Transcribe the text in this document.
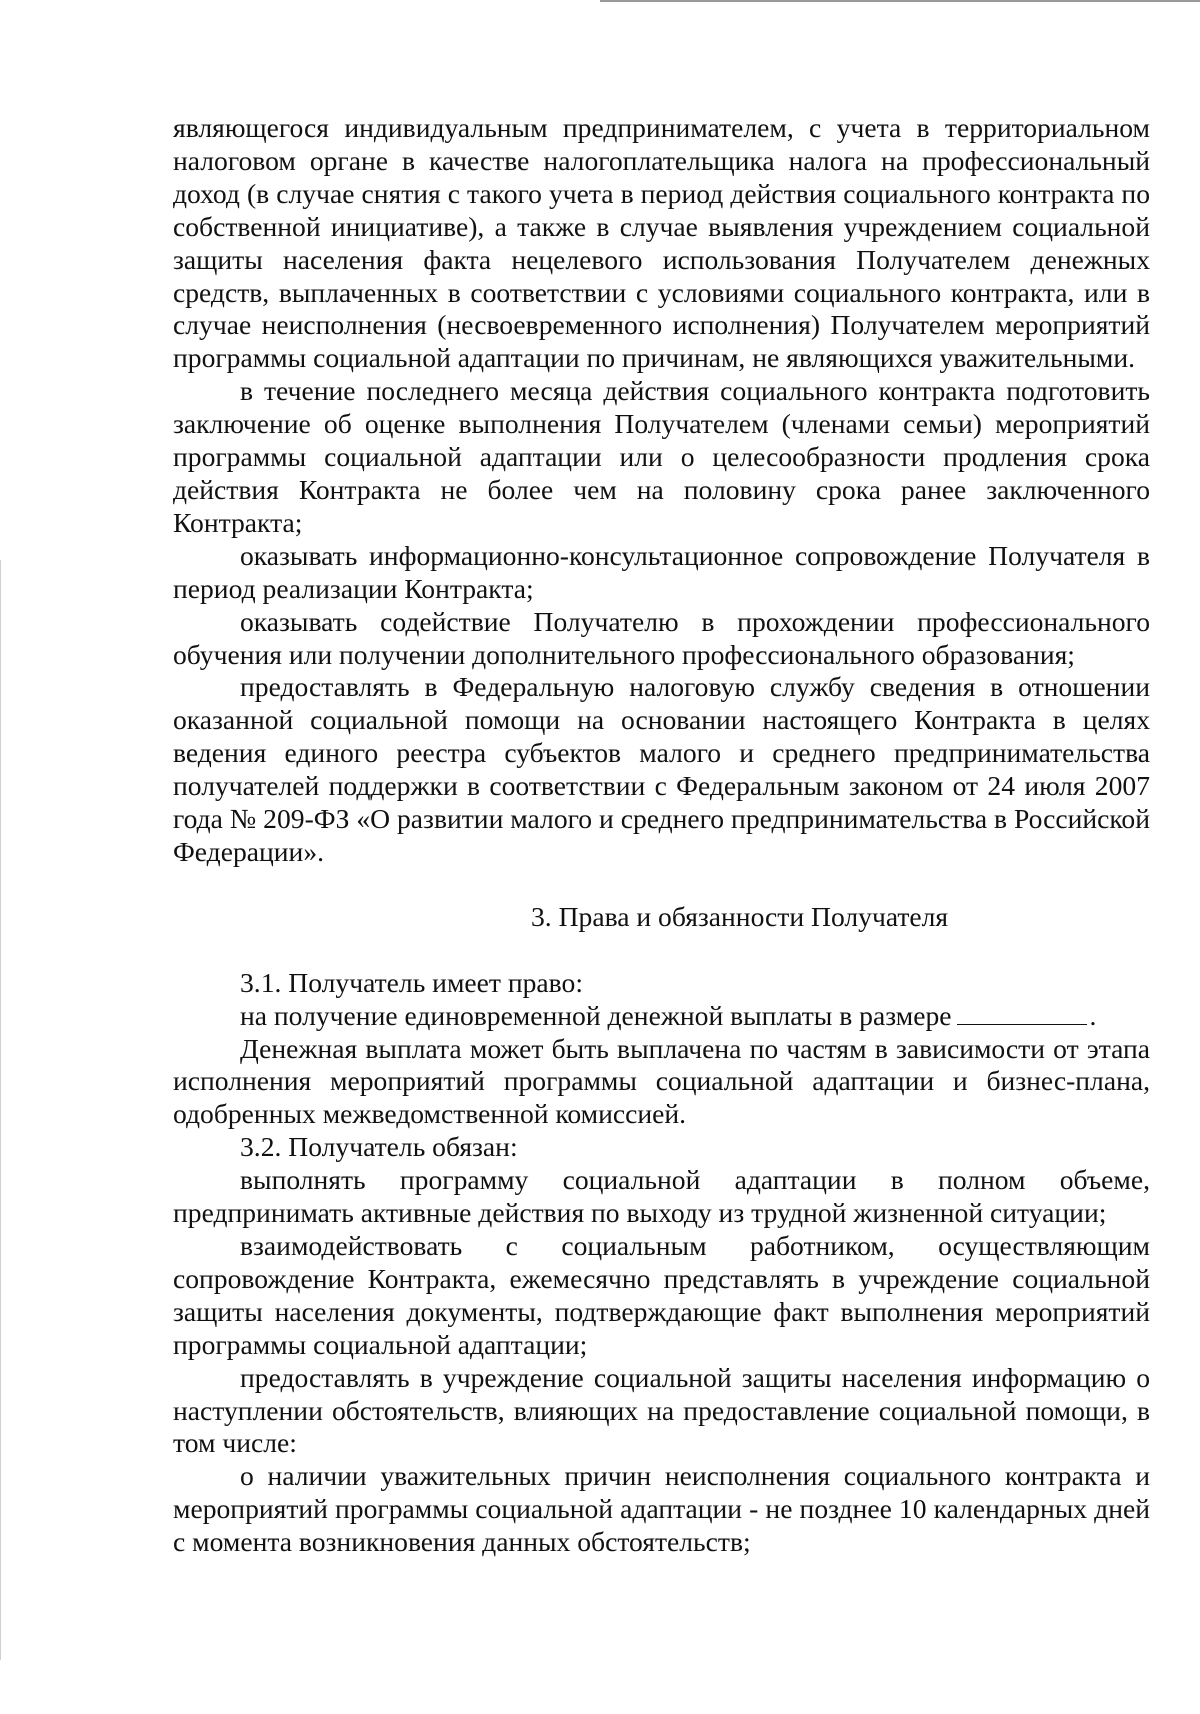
являющегося индивидуальным предпринимателем, с учета в территориальном налоговом органе в качестве налогоплательщика налога на профессиональный доход (в случае снятия с такого учета в период действия социального контракта по собственной инициативе), а также в случае выявления учреждением социальной защиты населения факта нецелевого использования Получателем денежных средств, выплаченных в соответствии с условиями социального контракта, или в случае неисполнения (несвоевременного исполнения) Получателем мероприятий программы социальной адаптации по причинам, не являющихся уважительными.

в течение последнего месяца действия социального контракта подготовить заключение об оценке выполнения Получателем (членами семьи) мероприятий программы социальной адаптации или о целесообразности продления срока действия Контракта не более чем на половину срока ранее заключенного Контракта;

оказывать информационно-консультационное сопровождение Получателя в период реализации Контракта;

оказывать содействие Получателю в прохождении профессионального обучения или получении дополнительного профессионального образования;

предоставлять в Федеральную налоговую службу сведения в отношении оказанной социальной помощи на основании настоящего Контракта в целях ведения единого реестра субъектов малого и среднего предпринимательства получателей поддержки в соответствии с Федеральным законом от 24 июля 2007 года № 209-ФЗ «О развитии малого и среднего предпринимательства в Российской Федерации».

3. Права и обязанности Получателя

3.1. Получатель имеет право:

на получение единовременной денежной выплаты в размере	.

Денежная выплата может быть выплачена по частям в зависимости от этапа исполнения мероприятий программы социальной адаптации и бизнес-плана, одобренных межведомственной комиссией.

3.2. Получатель обязан:

выполнять программу социальной адаптации в полном объеме, предпринимать активные действия по выходу из трудной жизненной ситуации;

взаимодействовать с социальным работником, осуществляющим сопровождение Контракта, ежемесячно представлять в учреждение социальной защиты населения документы, подтверждающие факт выполнения мероприятий программы социальной адаптации;

предоставлять в учреждение социальной защиты населения информацию о наступлении обстоятельств, влияющих на предоставление социальной помощи, в том числе:

о наличии уважительных причин неисполнения социального контракта и мероприятий программы социальной адаптации - не позднее 10 календарных дней с момента возникновения данных обстоятельств;
